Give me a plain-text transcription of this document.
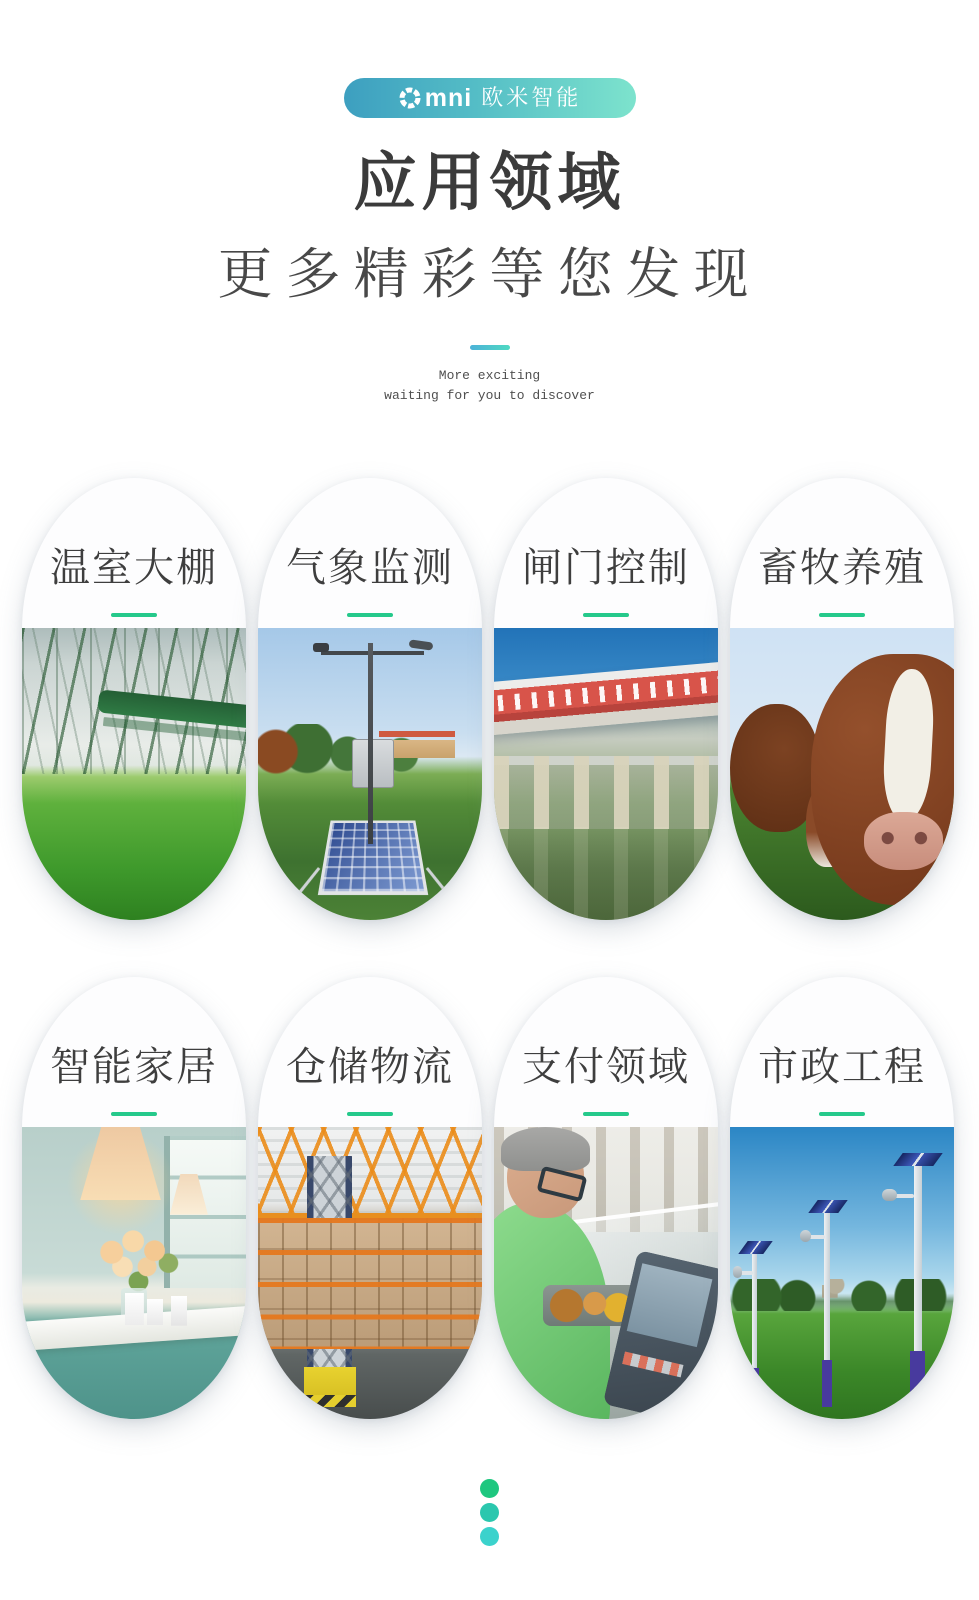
mni 欧米智能
应用领域
更多精彩等您发现

More exciting
waiting for you to discover

温室大棚	气象监测	闸门控制	畜牧养殖
智能家居	仓储物流	支付领域	市政工程
